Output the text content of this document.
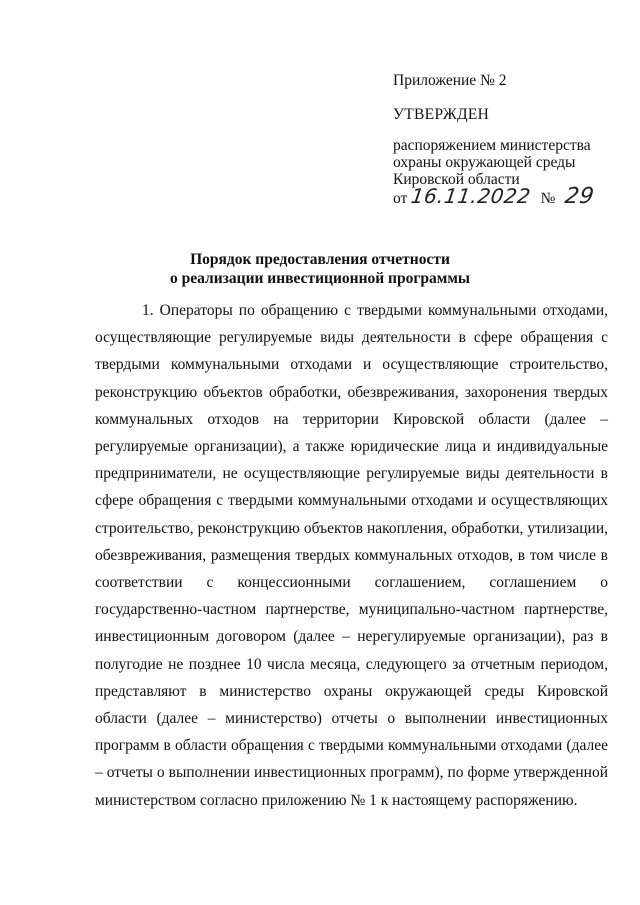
Приложение № 2
УТВЕРЖДЕН
распоряжением министерства
охраны окружающей среды
Кировской области
от 16.11.2022 № 29
Порядок предоставления отчетности
о реализации инвестиционной программы

1. Операторы по обращению с твердыми коммунальными отходами, осуществляющие регулируемые виды деятельности в сфере обращения с твердыми коммунальными отходами и осуществляющие строительство, реконструкцию объектов обработки, обезвреживания, захоронения твердых коммунальных отходов на территории Кировской области (далее – регулируемые организации), а также юридические лица и индивидуальные предприниматели, не осуществляющие регулируемые виды деятельности в сфере обращения с твердыми коммунальными отходами и осуществляющих строительство, реконструкцию объектов накопления, обработки, утилизации, обезвреживания, размещения твердых коммунальных отходов, в том числе в соответствии с концессионными соглашением, соглашением о государственно-частном партнерстве, муниципально-частном партнерстве, инвестиционным договором (далее – нерегулируемые организации), раз в полугодие не позднее 10 числа месяца, следующего за отчетным периодом, представляют в министерство охраны окружающей среды Кировской области (далее – министерство) отчеты о выполнении инвестиционных программ в области обращения с твердыми коммунальными отходами (далее – отчеты о выполнении инвестиционных программ), по форме утвержденной министерством согласно приложению № 1 к настоящему распоряжению.
